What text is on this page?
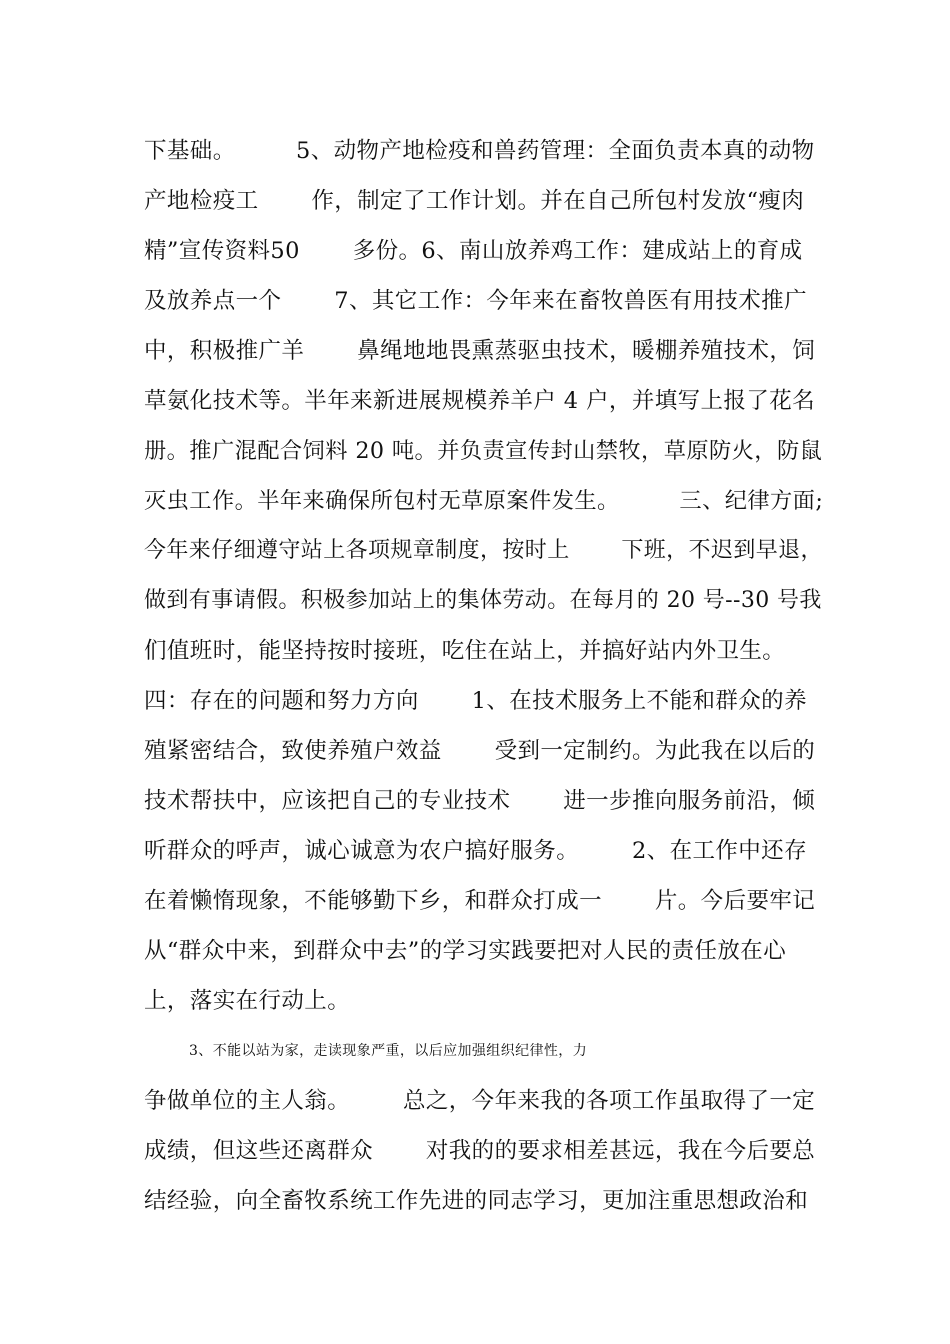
下基础。        5、动物产地检疫和兽药管理：全面负责本真的动物
产地检疫工       作，制定了工作计划。并在自己所包村发放“瘦肉
精”宣传资料50       多份。6、南山放养鸡工作：建成站上的育成
及放养点一个       7、其它工作：今年来在畜牧兽医有用技术推广
中，积极推广羊       鼻绳地地畏熏蒸驱虫技术，暖棚养殖技术，饲
草氨化技术等。半年来新进展规模养羊户 4 户，并填写上报了花名
册。推广混配合饲料 20 吨。并负责宣传封山禁牧，草原防火，防鼠
灭虫工作。半年来确保所包村无草原案件发生。        三、纪律方面;
今年来仔细遵守站上各项规章制度，按时上       下班，不迟到早退，
做到有事请假。积极参加站上的集体劳动。在每月的 20 号--30 号我
们值班时，能坚持按时接班，吃住在站上，并搞好站内外卫生。
四：存在的问题和努力方向       1、在技术服务上不能和群众的养
殖紧密结合，致使养殖户效益       受到一定制约。为此我在以后的
技术帮扶中，应该把自己的专业技术       进一步推向服务前沿，倾
听群众的呼声，诚心诚意为农户搞好服务。       2、在工作中还存
在着懒惰现象，不能够勤下乡，和群众打成一       片。今后要牢记
从“群众中来，到群众中去”的学习实践要把对人民的责任放在心
上，落实在行动上。
3、不能以站为家，走读现象严重，以后应加强组织纪律性，力
争做单位的主人翁。       总之，今年来我的各项工作虽取得了一定
成绩，但这些还离群众       对我的的要求相差甚远，我在今后要总
结经验，向全畜牧系统工作先进的同志学习，更加注重思想政治和
